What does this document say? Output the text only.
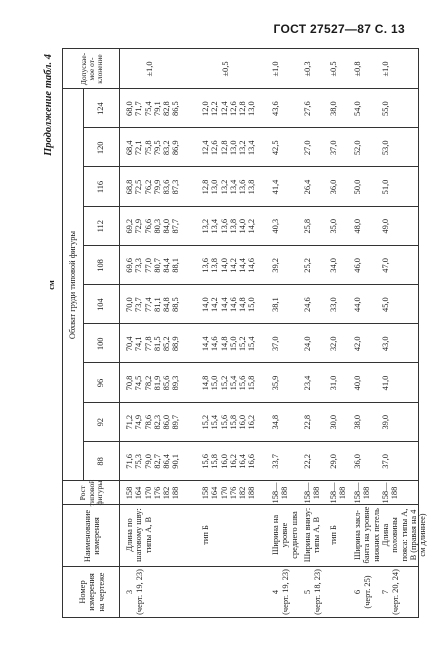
ГОСТ 27527—87 С. 13
Продолжение табл. 4
Номер измерения на чертеже
Наименование измерения
Рост типовой фигуры
см Обхват груди типовой фигуры
Допускае-мое от-клонение
88
92
96
100
104
108
112
116
120
124
3 (черт. 19, 23)
Длина по шаговому шву: типы А, В
158
164
170
176
182
188
71,6
75,3
79,0
82,7
86,4
90,1
71,2
74,9
78,6
82,3
86,0
89,7
70,8
74,5
78,2
81,9
85,6
89,3
70,4
74,1
77,8
81,5
85,2
88,9
70,0
73,7
77,4
81,1
84,8
88,5
69,6
73,3
77,0
80,7
84,4
88,1
69,2
72,9
76,6
80,3
84,0
87,7
68,8
72,5
76,2
79,9
83,6
87,3
68,4
72,1
75,8
79,5
83,2
86,9
68,0
71,7
75,4
79,1
82,8
86,5
±1,0
тип Б
158
164
170
176
182
188
15,6
15,8
16,0
16,2
16,4
16,6
15,2
15,4
15,6
15,8
16,0
16,2
14,8
15,0
15,2
15,4
15,6
15,8
14,4
14,6
14,8
15,0
15,2
15,4
14,0
14,2
14,4
14,6
14,8
15,0
13,6
13,8
14,0
14,2
14,4
14,6
13,2
13,4
13,6
13,8
14,0
14,2
12,8
13,0
13,2
13,4
13,6
13,8
12,4
12,6
12,8
13,0
13,2
13,4
12,0
12,2
12,4
12,6
12,8
13,0
±0,5
4 (черт. 19, 23)
Ширина на уровне среднего шва
158—
188
33,7
34,8
35,9
37,0
38,1
39,2
40,3
41,4
42,5
43,6
±1,0
5 (черт. 18, 23)
Ширина внизу: типы А, В
158—
188
22,2
22,8
23,4
24,0
24,6
25,2
25,8
26,4
27,0
27,6
±0,3
тип Б
158—
188
29,0
30,0
31,0
32,0
33,0
34,0
35,0
36,0
37,0
38,0
±0,5
6 (черт. 25)
Ширина закл-бантa на уровне нижних петель
158—
188
36,0
38,0
40,0
42,0
44,0
46,0
48,0
50,0
52,0
54,0
±0,8
7 (черт. 20, 24)
Длина половины пояса: типы А, В (правая на 4 см длиннее)
158—
188
37,0
39,0
41,0
43,0
45,0
47,0
49,0
51,0
53,0
55,0
±1,0
